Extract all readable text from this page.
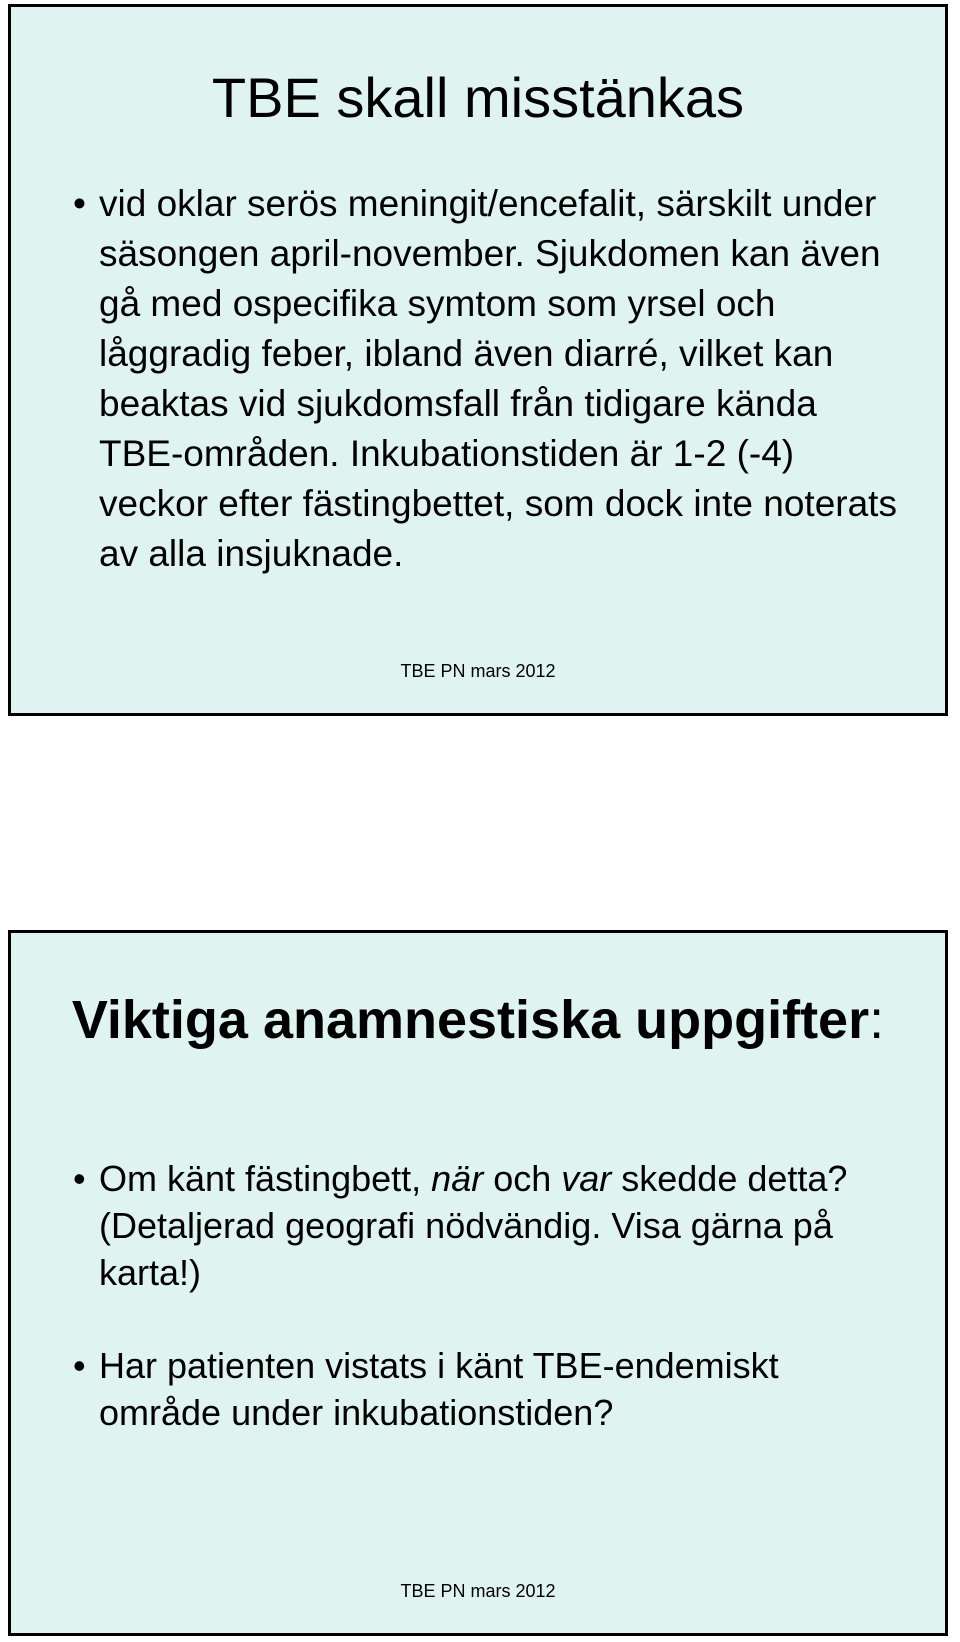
TBE skall misstänkas
• vid oklar serös meningit/encefalit, särskilt under säsongen april-november. Sjukdomen kan även gå med ospecifika symtom som yrsel och låggradig feber, ibland även diarré, vilket kan beaktas vid sjukdomsfall från tidigare kända TBE-områden. Inkubationstiden är 1-2 (-4) veckor efter fästingbettet, som dock inte noterats av alla insjuknade.
TBE PN mars 2012
Viktiga anamnestiska uppgifter:
• Om känt fästingbett, när och var skedde detta? (Detaljerad geografi nödvändig. Visa gärna på karta!)
• Har patienten vistats i känt TBE-endemiskt område under inkubationstiden?
TBE PN mars 2012
